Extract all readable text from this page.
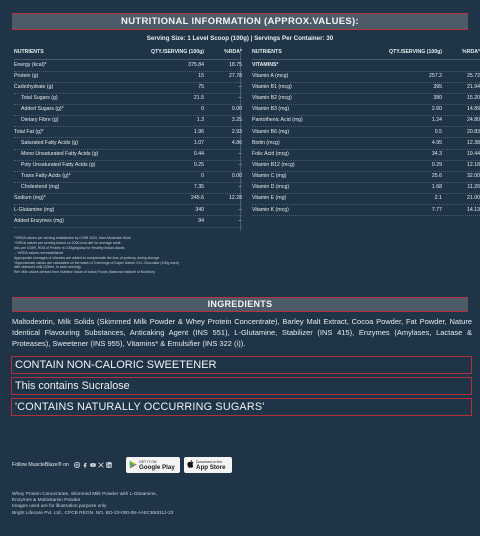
NUTRITIONAL INFORMATION (APPROX.VALUES):
Serving Size: 1 Level Scoop (100g) | Servings Per Container: 30
NUTRIENTS	QTY./SERVING (100g)	%RDA*
Energy (kcal)*	375.84	18.75
Protein (g)	15	27.78
Carbohydrate (g)	75	--
Total Sugars (g)	21.5	--
Added Sugars (g)*	0	0.00
Dietary Fibre (g)	1.3	3.25
Total Fat (g)*	1.96	2.93
Saturated Fatty Acids (g)	1.07	4.86
Mono Unsaturated Fatty Acids (g)	0.44	--
Poly Unsaturated Fatty Acids (g)	0.25	--
Trans Fatty Acids (g)*	0	0.00
Cholesterol (mg)	7.35	--
Sodium (mg)*	245.6	12.28
L-Glutamine (mg)	340	--
Added Enzymes (mg)	94	--
NUTRIENTS	QTY./SERVING (100g)	%RDA*
VITAMINS*
Vitamin A (mcg)	257.2	25.72
Vitamin B1 (mcg)	395	21.94
Vitamin B2 (mcg)	380	15.20
Vitamin B3 (mg)	2.60	14.89
Pantothenic Acid (mg)	1.24	24.80
Vitamin B6 (mg)	0.5	20.83
Biotin (mcg)	4.95	12.38
Folic Acid (mcg)	34.3	19.44
Vitamin B12 (mcg)	0.29	12.18
Vitamin C (mg)	25.6	32.00
Vitamin D (mcg)	1.68	11.20
Vitamin E (mg)	2.1	21.00
Vitamin K (mcg)	7.77	14.13
*%RDA values per serving established by ICMR 2020, Man-Moderate Work
^%RDA values per serving based on 2000 kcal diet for average adult
#As per ICMR, RDA of Protein is 0.83g/kg/day for Healthy Indian Adults
-- %RDA values not established
Appropriate overages of vitamins are added to compensate the loss of potency during storage
*Approximate values are calculated on the basis of 3 servings of Super Gainer XXL Chocolate (100g each)
with skimmed milk (300ml, in each serving)
Ref: Milk values derived from Nutritive Value of Indian Foods (National Institute of Nutrition)
INGREDIENTS
Maltodextrin, Milk Solids (Skimmed Milk Powder & Whey Protein Concentrate), Barley Malt Extract, Cocoa Powder, Fat Powder, Nature Identical Flavouring Substances, Anticaking Agent (INS 551), L-Glutamine, Stabilizer (INS 415), Enzymes (Amylases, Lactase & Proteases), Sweetener (INS 955), Vitamins* & Emulsifier (INS 322 (i)).
CONTAIN NON-CALORIC SWEETENER
This contains Sucralose
'CONTAINS NATURALLY OCCURRING SUGARS'
Follow MuscleBlaze® on	GET IT ON
Google Play
Download on the
App Store
Whey Protein Concentrate, Skimmed Milk Powder with L-Glutamine,
Enzymes & Multivitamin Powder
Images used are for illustration purpose only
Bright Lifecare Pvt. Ltd., CPCB REGN. NO. BO-23-000-08-AAECB5311J-23
